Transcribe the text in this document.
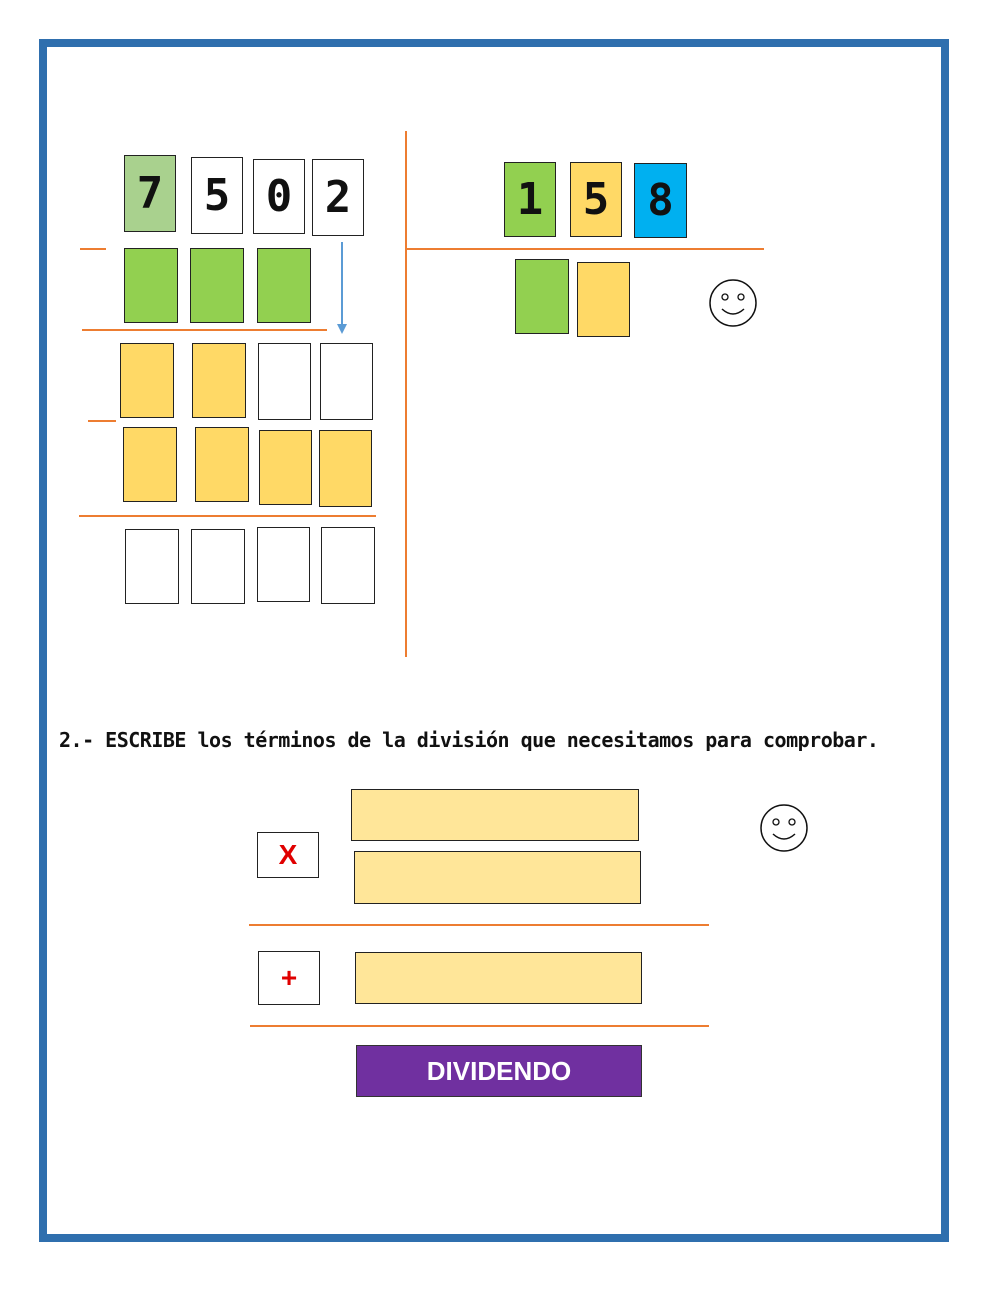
7 5 0 2	1 5 8
2.- ESCRIBE los términos de la división que necesitamos para comprobar.
X
+
DIVIDENDO
